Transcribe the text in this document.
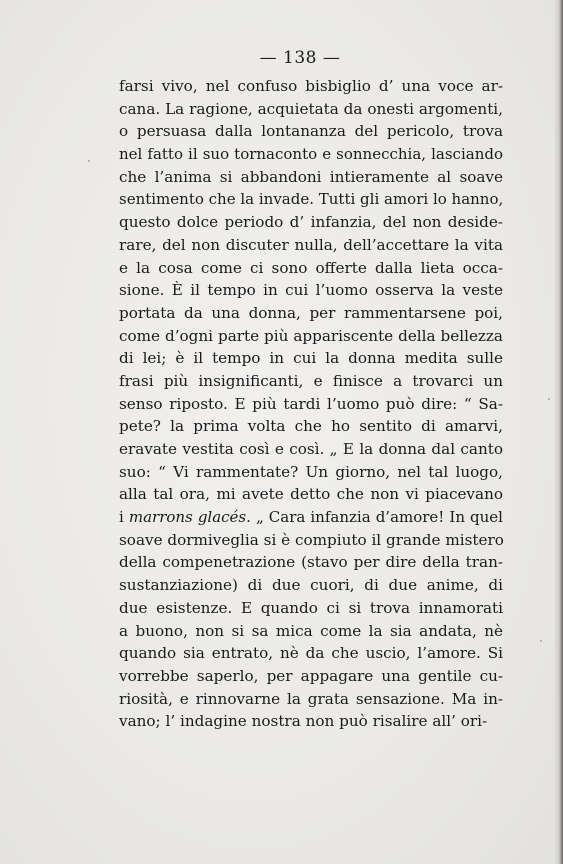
— 138 —
farsi vivo, nel confuso bisbiglio d’ una voce ar-
cana. La ragione, acquietata da onesti argomenti,
o persuasa dalla lontananza del pericolo, trova
nel fatto il suo tornaconto e sonnecchia, lasciando
che l’anima si abbandoni intieramente al soave
sentimento che la invade. Tutti gli amori lo hanno,
questo dolce periodo d’ infanzia, del non deside-
rare, del non discuter nulla, dell’accettare la vita
e la cosa come ci sono offerte dalla lieta occa-
sione. È il tempo in cui l’uomo osserva la veste
portata da una donna, per rammentarsene poi,
come d’ogni parte più appariscente della bellezza
di lei; è il tempo in cui la donna medita sulle
frasi più insignificanti, e finisce a trovarci un
senso riposto. E più tardi l’uomo può dire: “ Sa-
pete? la prima volta che ho sentito di amarvi,
eravate vestita così e così. „ E la donna dal canto
suo: “ Vi rammentate? Un giorno, nel tal luogo,
alla tal ora, mi avete detto che non vi piacevano
i marrons glacés. „ Cara infanzia d’amore! In quel
soave dormiveglia si è compiuto il grande mistero
della compenetrazione (stavo per dire della tran-
sustanziazione) di due cuori, di due anime, di
due esistenze. E quando ci si trova innamorati
a buono, non si sa mica come la sia andata, nè
quando sia entrato, nè da che uscio, l’amore. Si
vorrebbe saperlo, per appagare una gentile cu-
riosità, e rinnovarne la grata sensazione. Ma in-
vano; l’ indagine nostra non può risalire all’ ori-
